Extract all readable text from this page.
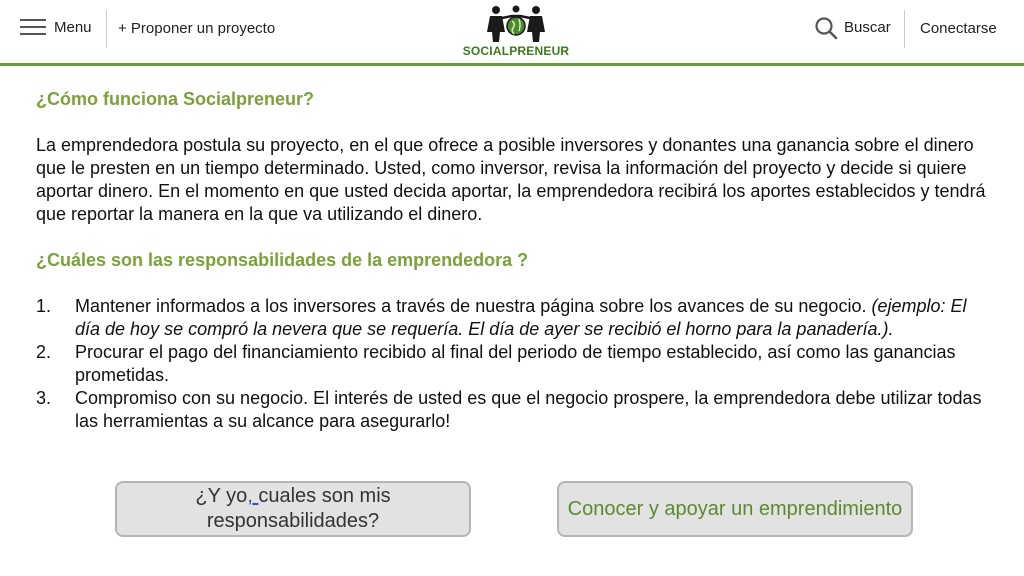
Menu + Proponer un proyecto
SOCIALPRENEUR
Buscar Conectarse

¿Cómo funciona Socialpreneur?

La emprendedora postula su proyecto, en el que ofrece a posible inversores y donantes una ganancia sobre el dinero que le presten en un tiempo determinado. Usted, como inversor, revisa la información del proyecto y decide si quiere aportar dinero. En el momento en que usted decida aportar, la emprendedora recibirá los aportes establecidos y tendrá que reportar la manera en la que va utilizando el dinero.

¿Cuáles son las responsabilidades de la emprendedora ?

1. Mantener informados a los inversores a través de nuestra página sobre los avances de su negocio. (ejemplo: El día de hoy se compró la nevera que se requería. El día de ayer se recibió el horno para la panadería.).
2. Procurar el pago del financiamiento recibido al final del periodo de tiempo establecido, así como las ganancias prometidas.
3. Compromiso con su negocio. El interés de usted es que el negocio prospere, la emprendedora debe utilizar todas las herramientas a su alcance para asegurarlo!
¿Y yo, cuales son mis responsabilidades?
Conocer y apoyar un emprendimiento
